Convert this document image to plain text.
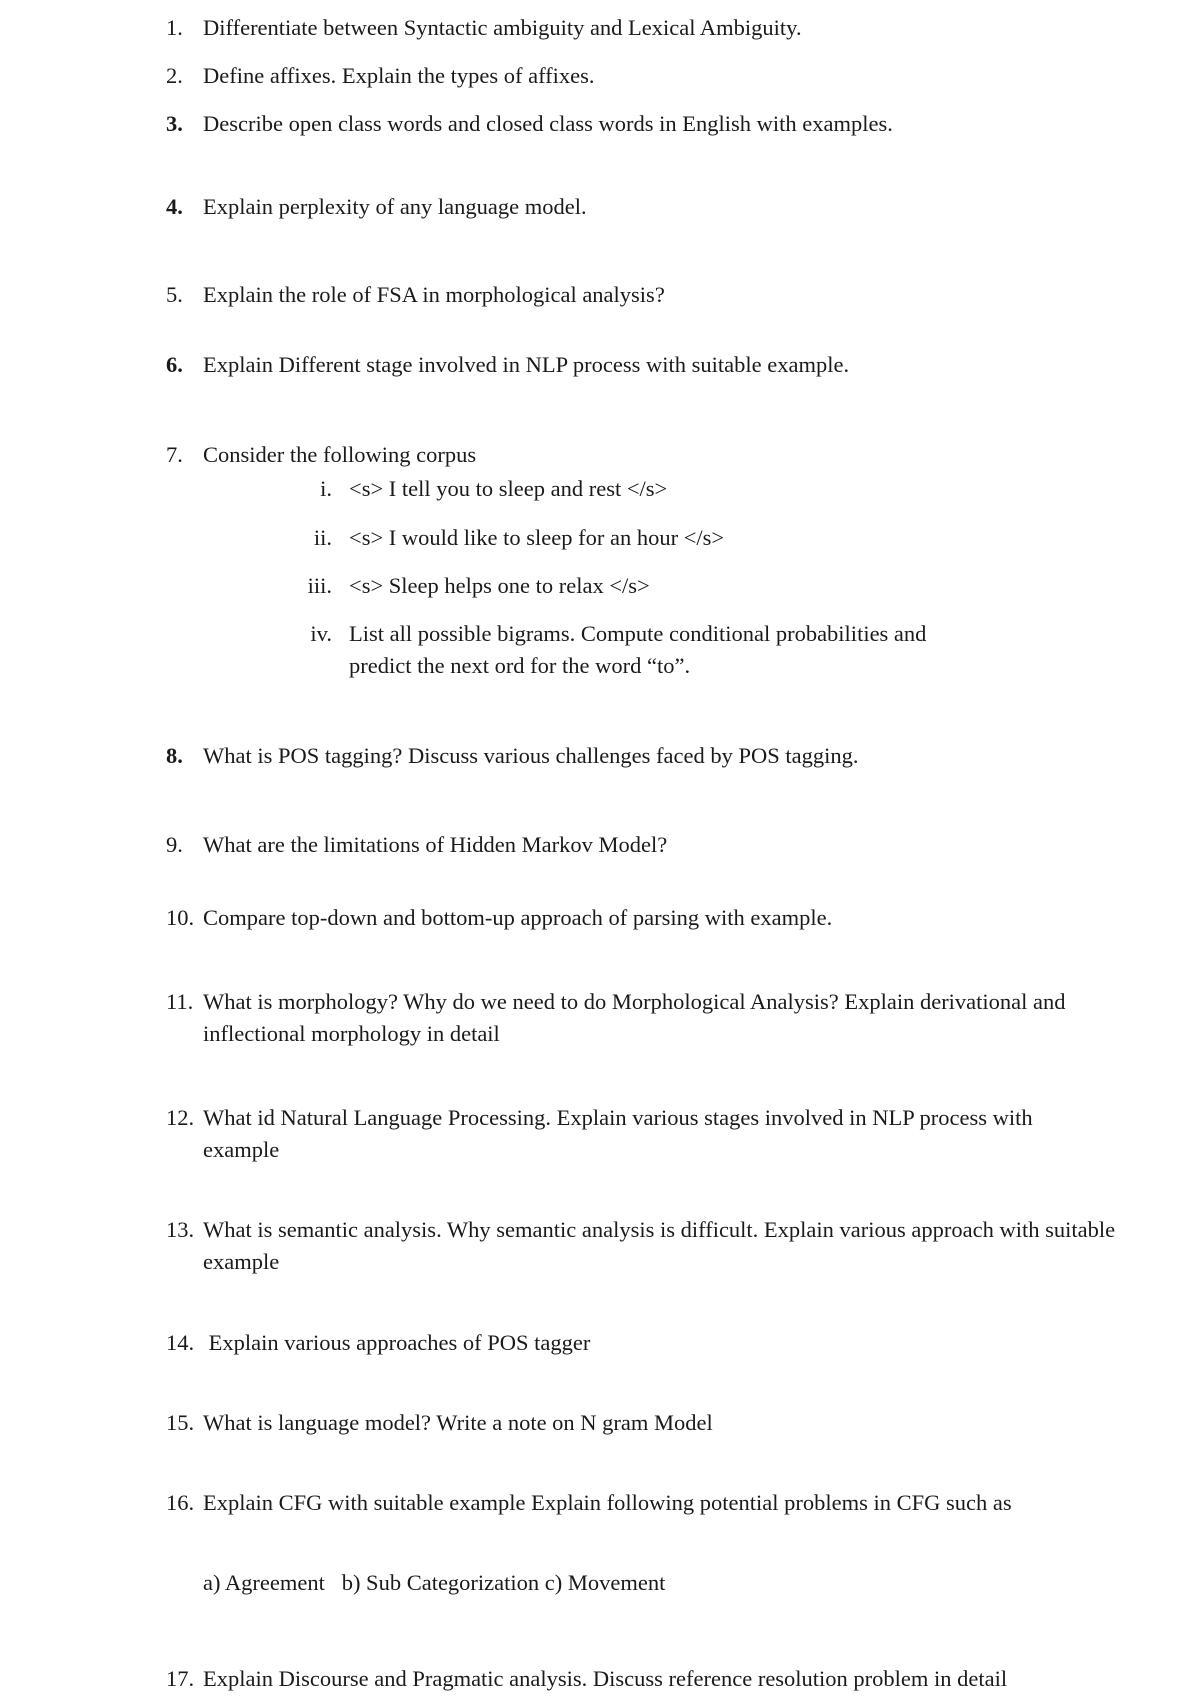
1. Differentiate between Syntactic ambiguity and Lexical Ambiguity.
2. Define affixes. Explain the types of affixes.
3. Describe open class words and closed class words in English with examples.
4. Explain perplexity of any language model.
5. Explain the role of FSA in morphological analysis?
6. Explain Different stage involved in NLP process with suitable example.
7. Consider the following corpus
i. <s> I tell you to sleep and rest </s>
ii. <s> I would like to sleep for an hour </s>
iii. <s> Sleep helps one to relax </s>
iv. List all possible bigrams. Compute conditional probabilities and predict the next ord for the word “to”.
8. What is POS tagging? Discuss various challenges faced by POS tagging.
9. What are the limitations of Hidden Markov Model?
10. Compare top-down and bottom-up approach of parsing with example.
11. What is morphology? Why do we need to do Morphological Analysis? Explain derivational and inflectional morphology in detail
12. What id Natural Language Processing. Explain various stages involved in NLP process with example
13. What is semantic analysis. Why semantic analysis is difficult. Explain various approach with suitable example
14. Explain various approaches of POS tagger
15. What is language model? Write a note on N gram Model
16. Explain CFG with suitable example Explain following potential problems in CFG such as
a) Agreement   b) Sub Categorization c) Movement
17. Explain Discourse and Pragmatic analysis. Discuss reference resolution problem in detail
